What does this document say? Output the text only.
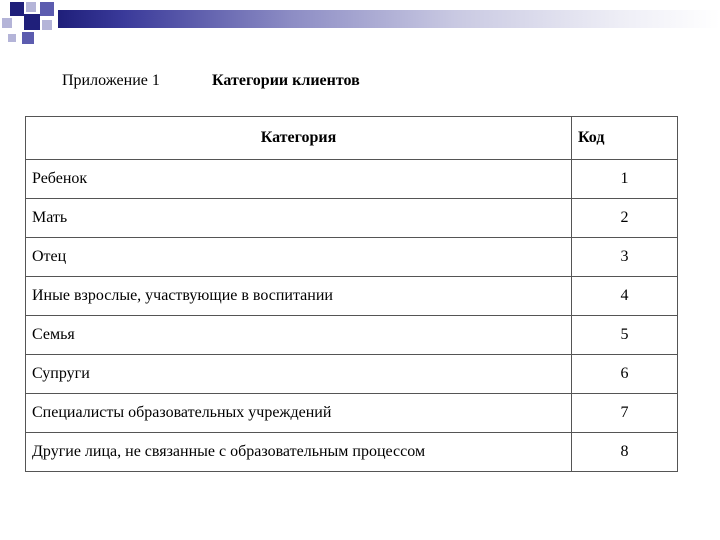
Приложение 1	Категории клиентов
Категория	Код
Ребенок	1
Мать	2
Отец	3
Иные взрослые, участвующие в воспитании	4
Семья	5
Супруги	6
Специалисты образовательных учреждений	7
Другие лица, не связанные с образовательным процессом	8
